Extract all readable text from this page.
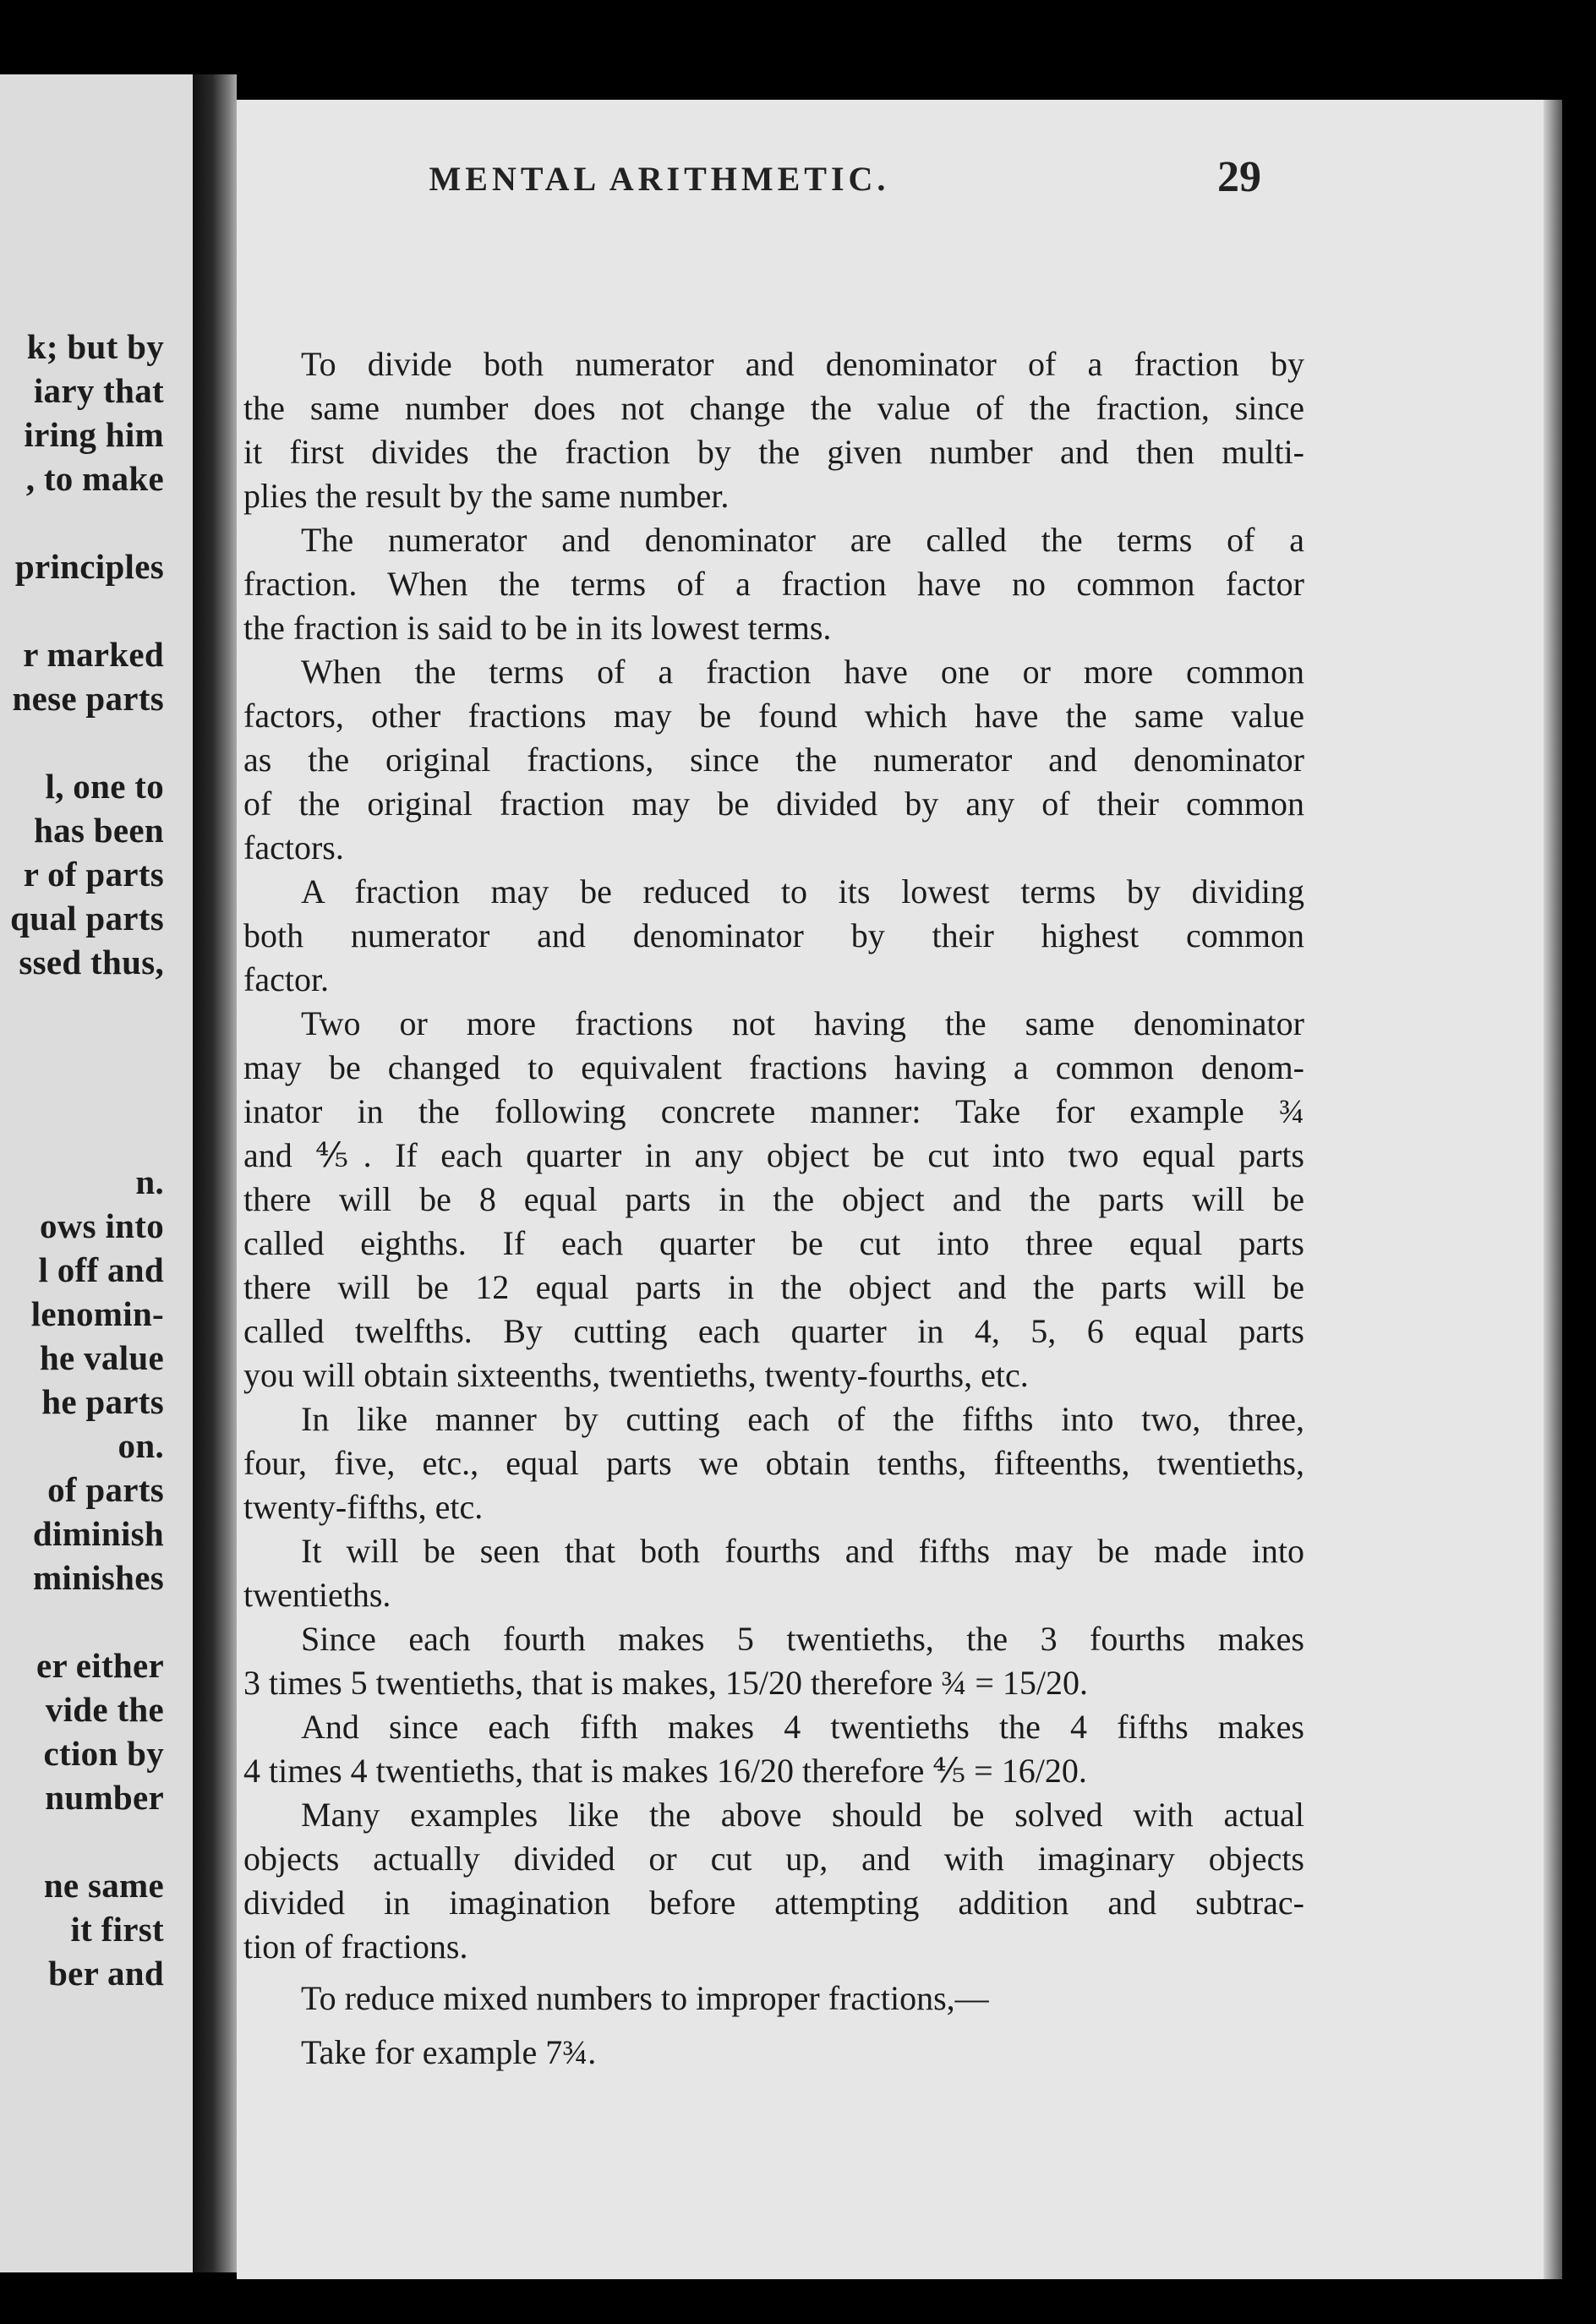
k; but by
iary that
iring him
, to make
principles
r marked
nese parts
l, one to
has been
r of parts
qual parts
ssed thus,
n.
ows into
l off and
lenomin-
he value
he parts
on.
of parts
diminish
minishes
er either
vide the
ction by
number
ne same
it first
ber and
MENTAL ARITHMETIC.	29
To divide both numerator and denominator of a fraction by
the same number does not change the value of the fraction, since
it first divides the fraction by the given number and then multi-
plies the result by the same number.
The numerator and denominator are called the terms of a
fraction. When the terms of a fraction have no common factor
the fraction is said to be in its lowest terms.
When the terms of a fraction have one or more common
factors, other fractions may be found which have the same value
as the original fractions, since the numerator and denominator
of the original fraction may be divided by any of their common
factors.
A fraction may be reduced to its lowest terms by dividing
both numerator and denominator by their highest common
factor.
Two or more fractions not having the same denominator
may be changed to equivalent fractions having a common denom-
inator in the following concrete manner: Take for example ¾
and ⅘. If each quarter in any object be cut into two equal parts
there will be 8 equal parts in the object and the parts will be
called eighths. If each quarter be cut into three equal parts
there will be 12 equal parts in the object and the parts will be
called twelfths. By cutting each quarter in 4, 5, 6 equal parts
you will obtain sixteenths, twentieths, twenty-fourths, etc.
In like manner by cutting each of the fifths into two, three,
four, five, etc., equal parts we obtain tenths, fifteenths, twentieths,
twenty-fifths, etc.
It will be seen that both fourths and fifths may be made into
twentieths.
Since each fourth makes 5 twentieths, the 3 fourths makes
3 times 5 twentieths, that is makes, 15/20 therefore ¾ = 15/20.
And since each fifth makes 4 twentieths the 4 fifths makes
4 times 4 twentieths, that is makes 16/20 therefore ⅘ = 16/20.
Many examples like the above should be solved with actual
objects actually divided or cut up, and with imaginary objects
divided in imagination before attempting addition and subtrac-
tion of fractions.
To reduce mixed numbers to improper fractions,—
Take for example 7¾.
